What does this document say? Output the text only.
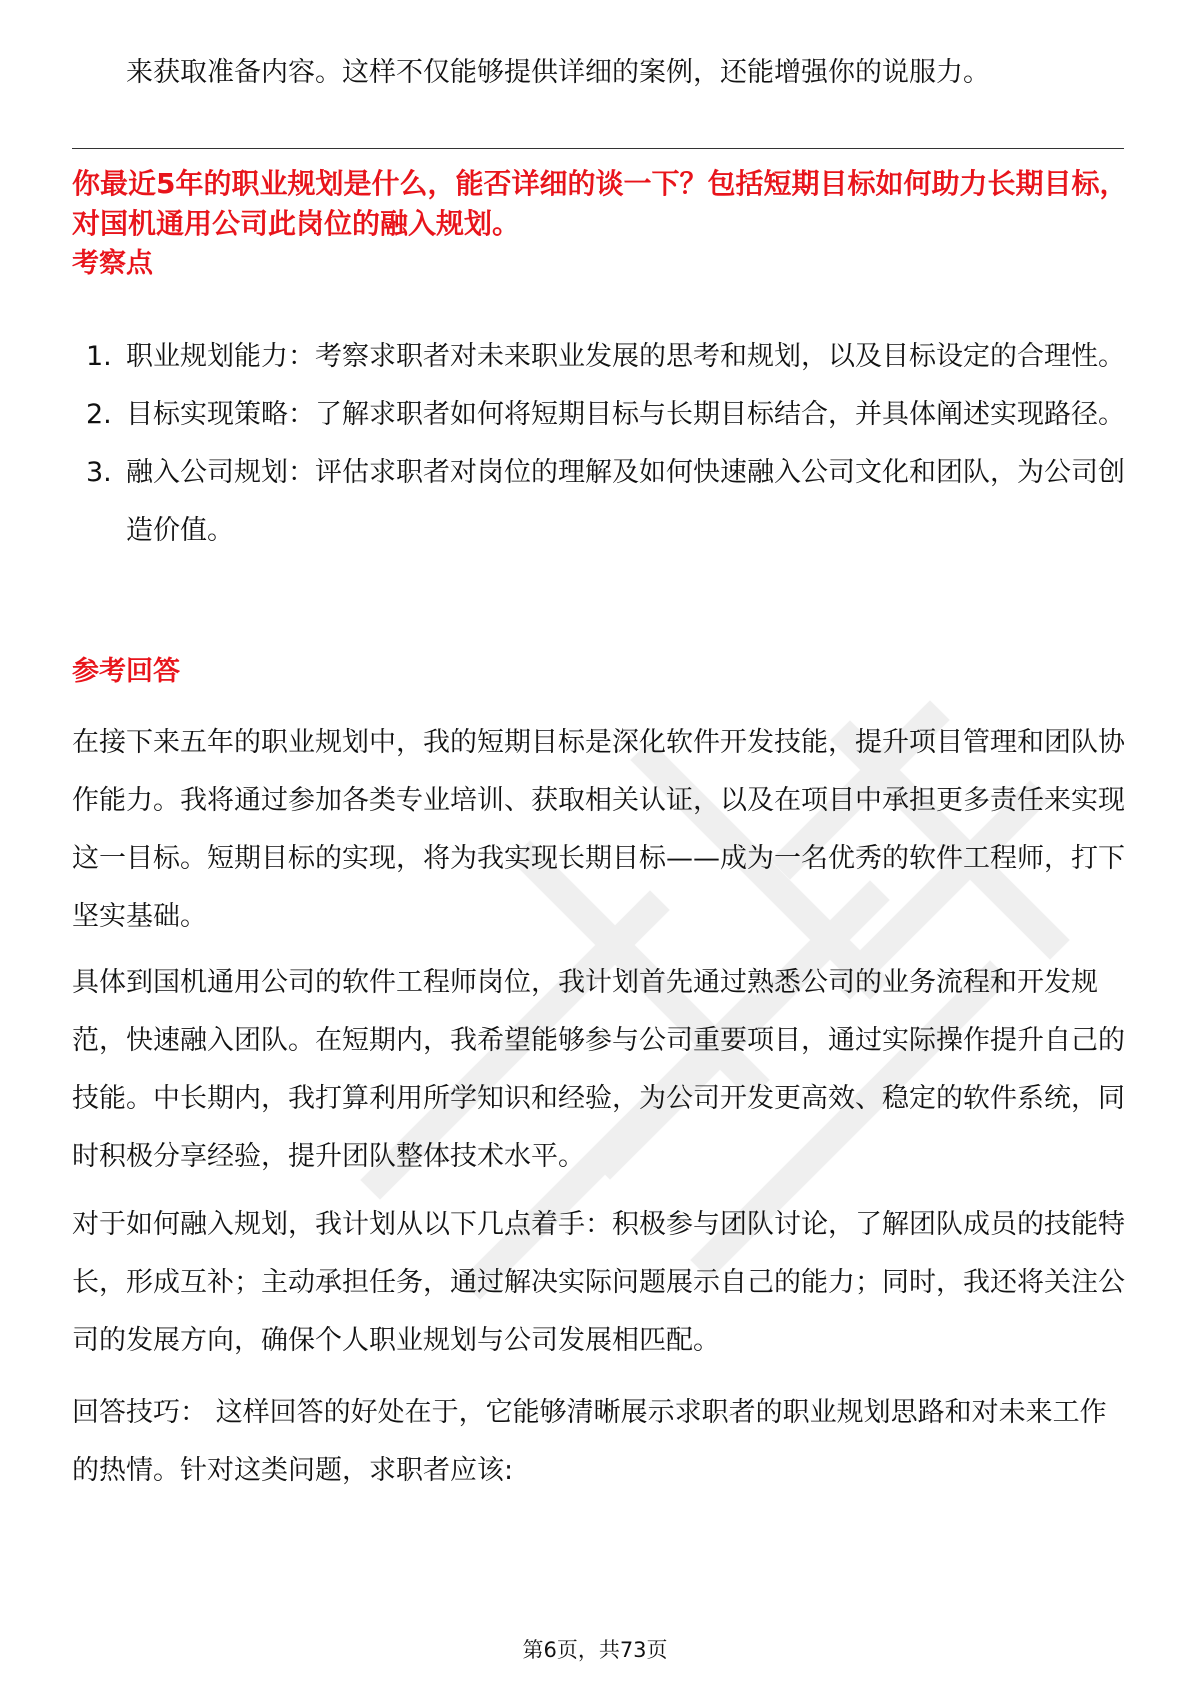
来获取准备内容。这样不仅能够提供详细的案例，还能增强你的说服力。

你最近5年的职业规划是什么，能否详细的谈一下？包括短期目标如何助力长期目标，对国机通用公司此岗位的融入规划。

考察点
1. 职业规划能力：考察求职者对未来职业发展的思考和规划，以及目标设定的合理性。
2. 目标实现策略：了解求职者如何将短期目标与长期目标结合，并具体阐述实现路径。
3. 融入公司规划：评估求职者对岗位的理解及如何快速融入公司文化和团队，为公司创造价值。
参考回答

在接下来五年的职业规划中，我的短期目标是深化软件开发技能，提升项目管理和团队协作能力。我将通过参加各类专业培训、获取相关认证，以及在项目中承担更多责任来实现这一目标。短期目标的实现，将为我实现长期目标——成为一名优秀的软件工程师，打下坚实基础。

具体到国机通用公司的软件工程师岗位，我计划首先通过熟悉公司的业务流程和开发规范，快速融入团队。在短期内，我希望能够参与公司重要项目，通过实际操作提升自己的技能。中长期内，我打算利用所学知识和经验，为公司开发更高效、稳定的软件系统，同时积极分享经验，提升团队整体技术水平。

对于如何融入规划，我计划从以下几点着手：积极参与团队讨论，了解团队成员的技能特长，形成互补；主动承担任务，通过解决实际问题展示自己的能力；同时，我还将关注公司的发展方向，确保个人职业规划与公司发展相匹配。

回答技巧： 这样回答的好处在于，它能够清晰展示求职者的职业规划思路和对未来工作的热情。针对这类问题，求职者应该:

第6页，共73页
